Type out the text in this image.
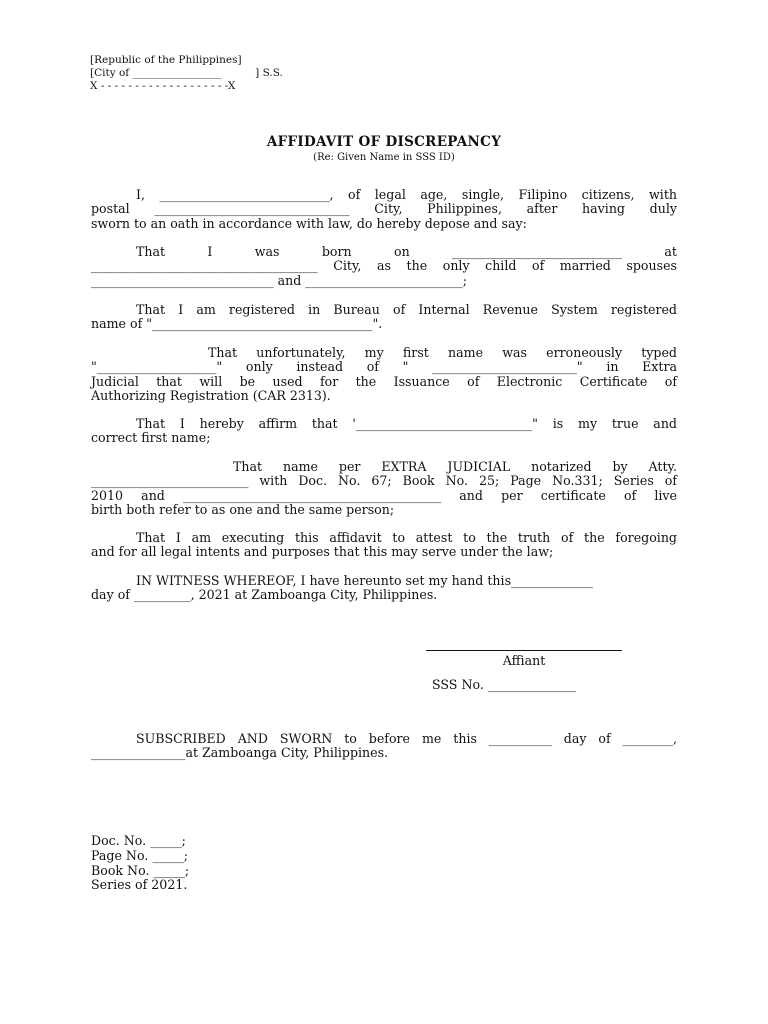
[Republic of the Philippines]
[City of _________________          ] S.S.
X - - - - - - - - - - - - - - - - - - -X
AFFIDAVIT OF DISCREPANCY
(Re: Given Name in SSS ID)
I, ___________________________, of legal age, single, Filipino citizens, with
postal _______________________________ City, Philippines, after having duly
sworn to an oath in accordance with law, do hereby depose and say:
That I was born on ___________________________ at
____________________________________ City, as the only child of married spouses
_____________________________ and _________________________;
That I am registered in Bureau of Internal Revenue System registered
name of "___________________________________".
That unfortunately, my first name was erroneously typed
"___________________" only instead of " _______________________" in Extra
Judicial that will be used for the Issuance of Electronic Certificate of
Authorizing Registration (CAR 2313).
That I hereby affirm that '____________________________" is my true and
correct first name;
That name per EXTRA JUDICIAL notarized by Atty.
_________________________ with Doc. No. 67; Book No. 25; Page No.331; Series of
2010 and _________________________________________ and per certificate of live
birth both refer to as one and the same person;
That I am executing this affidavit to attest to the truth of the foregoing
and for all legal intents and purposes that this may serve under the law;
IN WITNESS WHEREOF, I have hereunto set my hand this_____________
day of _________, 2021 at Zamboanga City, Philippines.
Affiant
SSS No. ______________
SUBSCRIBED AND SWORN to before me this __________ day of ________,
_______________at Zamboanga City, Philippines.
Doc. No. _____;
Page No. _____;
Book No. _____;
Series of 2021.
